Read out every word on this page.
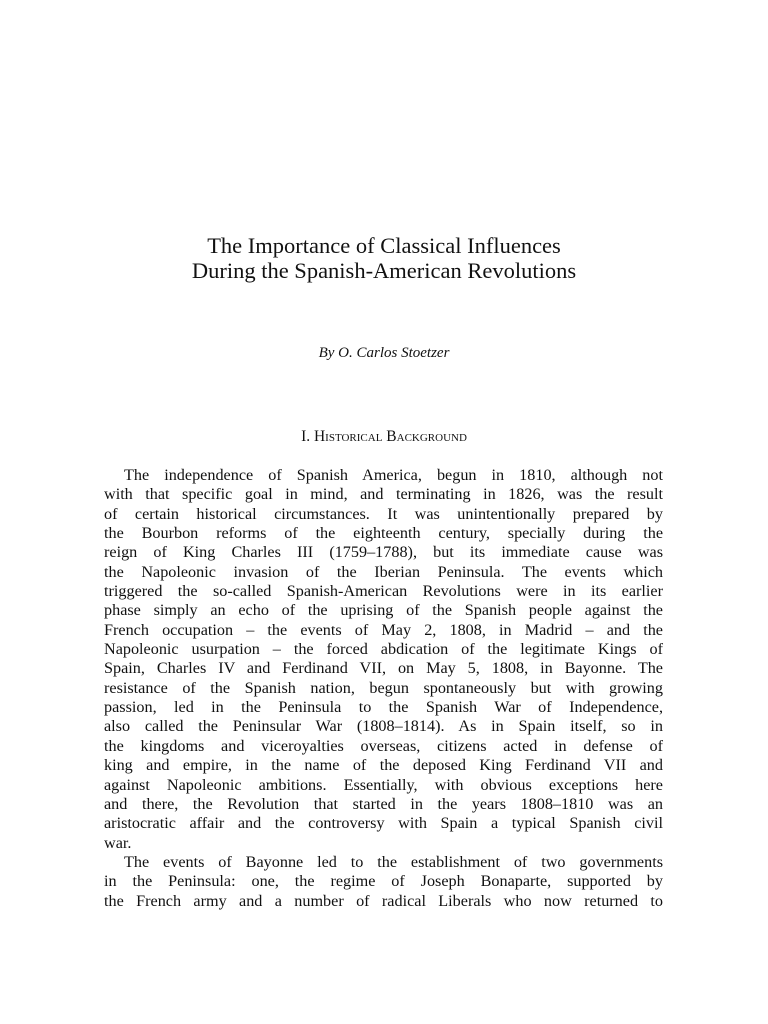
The Importance of Classical Influences
During the Spanish-American Revolutions
By O. Carlos Stoetzer
I. Historical Background
The independence of Spanish America, begun in 1810, although not
with that specific goal in mind, and terminating in 1826, was the result
of certain historical circumstances. It was unintentionally prepared by
the Bourbon reforms of the eighteenth century, specially during the
reign of King Charles III (1759–1788), but its immediate cause was
the Napoleonic invasion of the Iberian Peninsula. The events which
triggered the so-called Spanish-American Revolutions were in its earlier
phase simply an echo of the uprising of the Spanish people against the
French occupation – the events of May 2, 1808, in Madrid – and the
Napoleonic usurpation – the forced abdication of the legitimate Kings of
Spain, Charles IV and Ferdinand VII, on May 5, 1808, in Bayonne. The
resistance of the Spanish nation, begun spontaneously but with growing
passion, led in the Peninsula to the Spanish War of Independence,
also called the Peninsular War (1808–1814). As in Spain itself, so in
the kingdoms and viceroyalties overseas, citizens acted in defense of
king and empire, in the name of the deposed King Ferdinand VII and
against Napoleonic ambitions. Essentially, with obvious exceptions here
and there, the Revolution that started in the years 1808–1810 was an
aristocratic affair and the controversy with Spain a typical Spanish civil
war.
The events of Bayonne led to the establishment of two governments
in the Peninsula: one, the regime of Joseph Bonaparte, supported by
the French army and a number of radical Liberals who now returned to
